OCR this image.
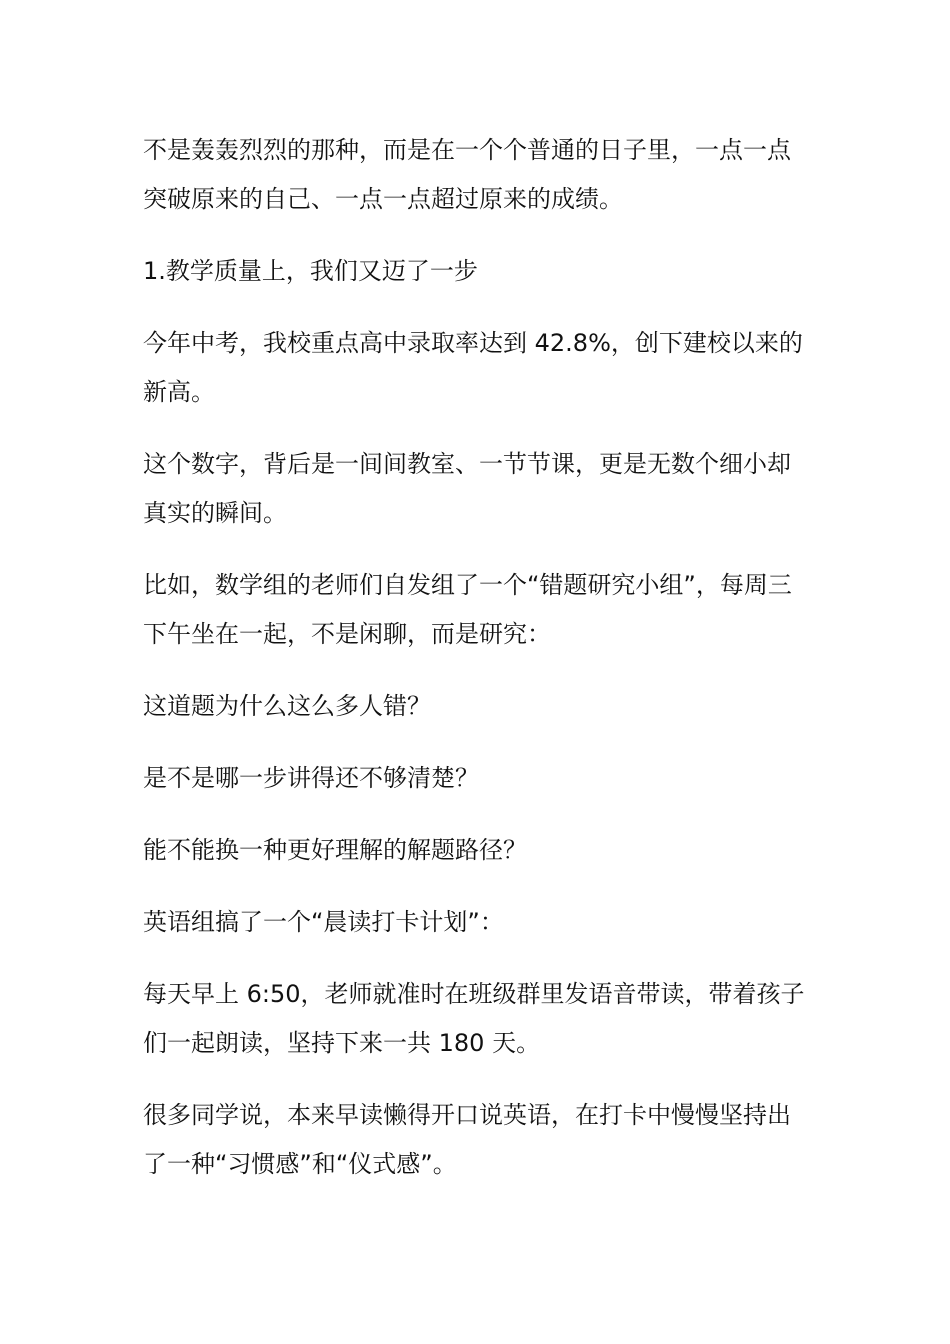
不是轰轰烈烈的那种，而是在一个个普通的日子里，一点一点突破原来的自己、一点一点超过原来的成绩。

1.教学质量上，我们又迈了一步

今年中考，我校重点高中录取率达到 42.8%，创下建校以来的新高。

这个数字，背后是一间间教室、一节节课，更是无数个细小却真实的瞬间。

比如，数学组的老师们自发组了一个“错题研究小组”，每周三下午坐在一起，不是闲聊，而是研究：

这道题为什么这么多人错？

是不是哪一步讲得还不够清楚？

能不能换一种更好理解的解题路径？

英语组搞了一个“晨读打卡计划”：

每天早上 6:50，老师就准时在班级群里发语音带读，带着孩子们一起朗读，坚持下来一共 180 天。

很多同学说，本来早读懒得开口说英语，在打卡中慢慢坚持出了一种“习惯感”和“仪式感”。
